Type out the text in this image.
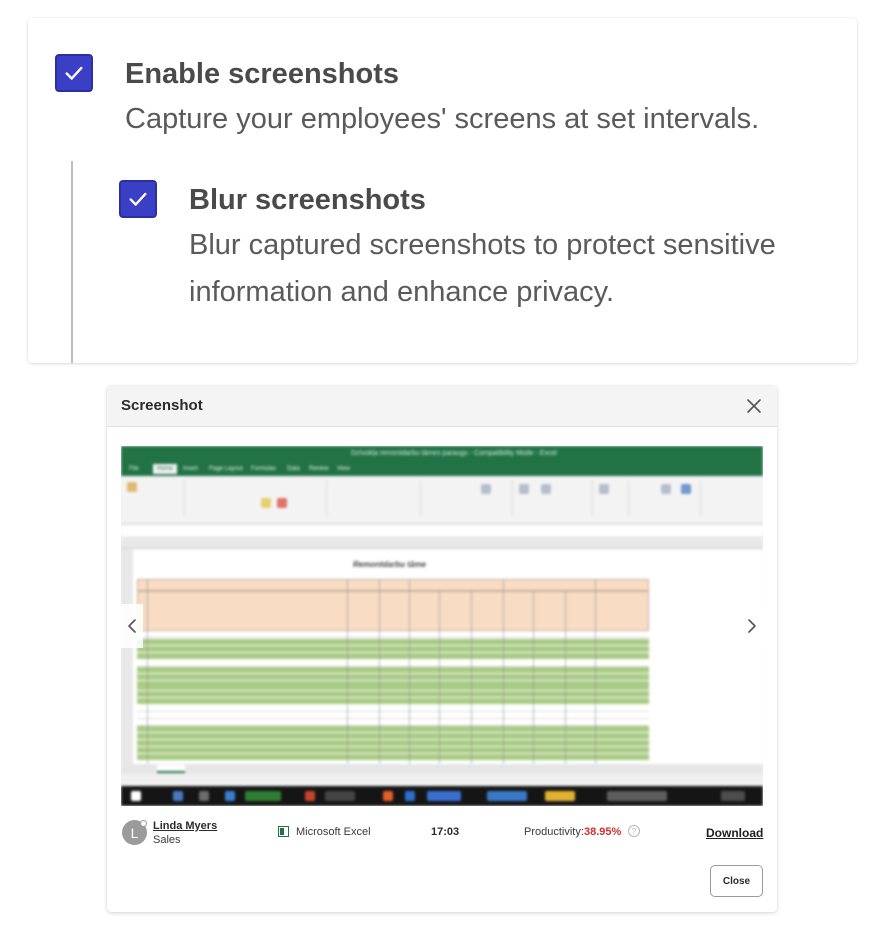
Enable screenshots
Capture your employees' screens at set intervals.
Blur screenshots
Blur captured screenshots to protect sensitive information and enhance privacy.
Screenshot
Dzīvokļa remontdarbu tāmes paraugs - Compatibility Mode - Excel
File	Home	Insert Page Layout Formulas Data Review View
Remontdarbu tāme
L	Linda Myers
Sales
Microsoft Excel	17:03	Productivity: 38.95%	?	Download
Close
